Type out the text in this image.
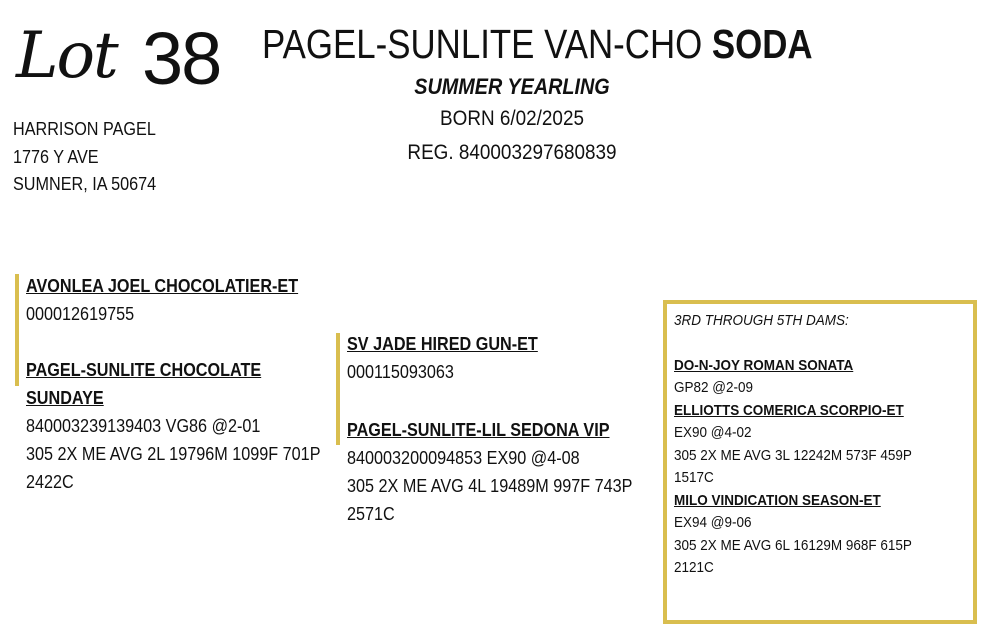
Lot 38 PAGEL-SUNLITE VAN-CHO SODA
SUMMER YEARLING
BORN 6/02/2025
REG. 840003297680839
HARRISON PAGEL
1776 Y AVE
SUMNER, IA 50674
AVONLEA JOEL CHOCOLATIER-ET
000012619755
PAGEL-SUNLITE CHOCOLATE
SUNDAYE
840003239139403 VG86 @2-01
305 2X ME AVG 2L 19796M 1099F 701P
2422C
SV JADE HIRED GUN-ET
000115093063
PAGEL-SUNLITE-LIL SEDONA VIP
840003200094853 EX90 @4-08
305 2X ME AVG 4L 19489M 997F 743P
2571C
3RD THROUGH 5TH DAMS:
DO-N-JOY ROMAN SONATA
GP82 @2-09
ELLIOTTS COMERICA SCORPIO-ET
EX90 @4-02
305 2X ME AVG 3L 12242M 573F 459P
1517C
MILO VINDICATION SEASON-ET
EX94 @9-06
305 2X ME AVG 6L 16129M 968F 615P
2121C
